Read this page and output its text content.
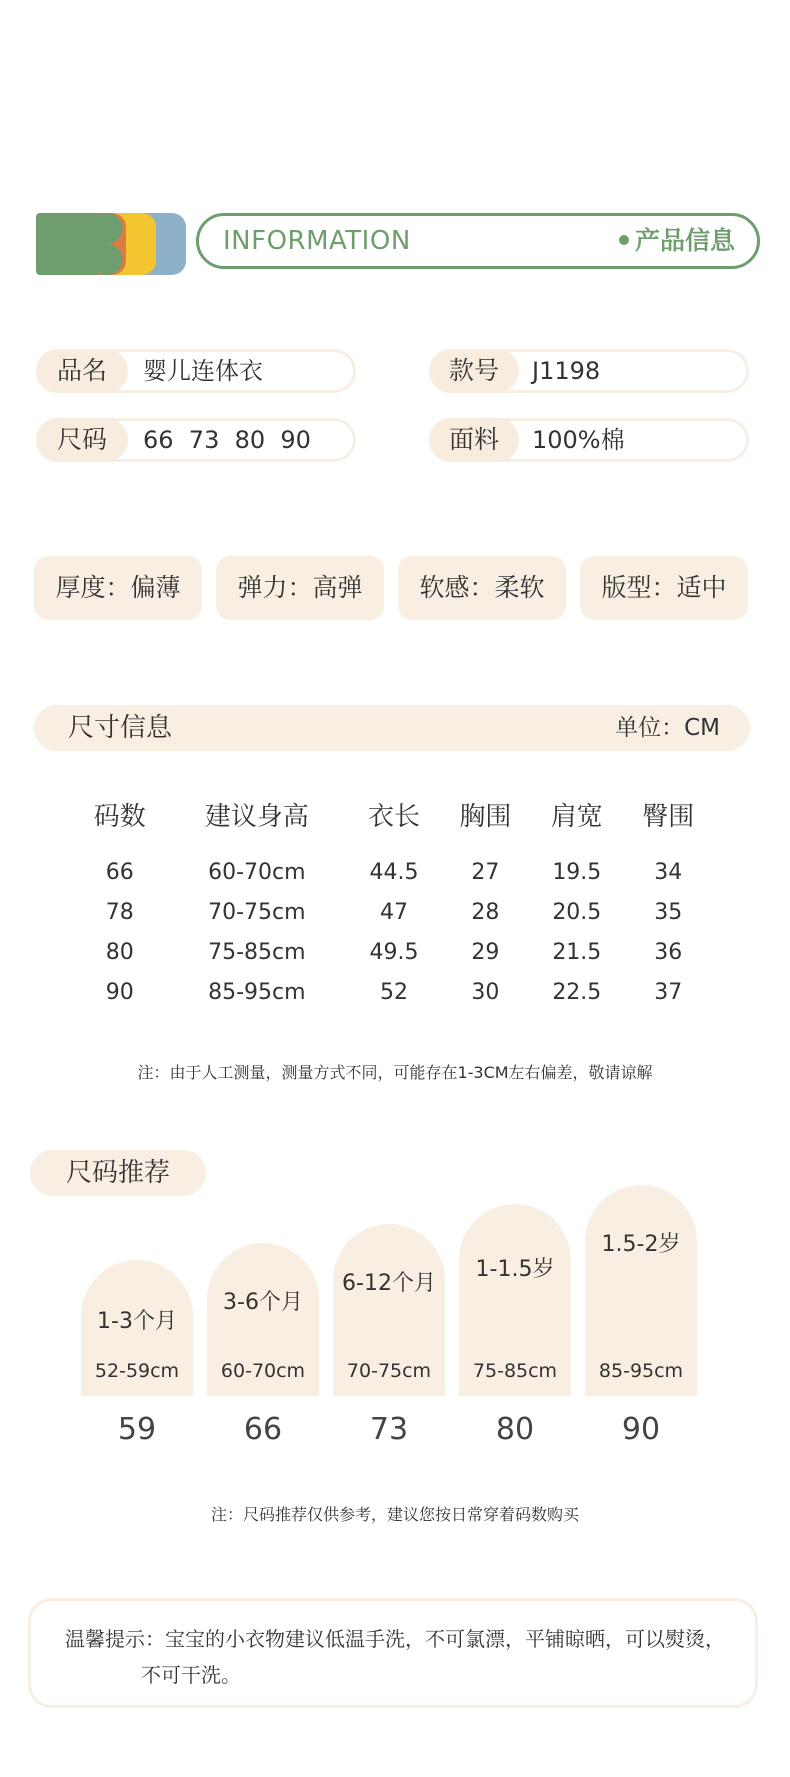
INFORMATION	产品信息
品名	婴儿连体衣	款号	J1198
尺码	66  73  80  90	面料	100%棉
厚度：偏薄	弹力：高弹	软感：柔软	版型：适中
尺寸信息	单位：CM
码数	建议身高	衣长	胸围	肩宽	臀围
66	60-70cm	44.5	27	19.5	34
78	70-75cm	47	28	20.5	35
80	75-85cm	49.5	29	21.5	36
90	85-95cm	52	30	22.5	37
注：由于人工测量，测量方式不同，可能存在1-3CM左右偏差，敬请谅解
尺码推荐
1-3个月
52-59cm
3-6个月
60-70cm
6-12个月
70-75cm
1-1.5岁
75-85cm
1.5-2岁
85-95cm
59	66	73	80	90
注：尺码推荐仅供参考，建议您按日常穿着码数购买
温馨提示：宝宝的小衣物建议低温手洗，不可氯漂，平铺晾晒，可以熨烫，
不可干洗。
